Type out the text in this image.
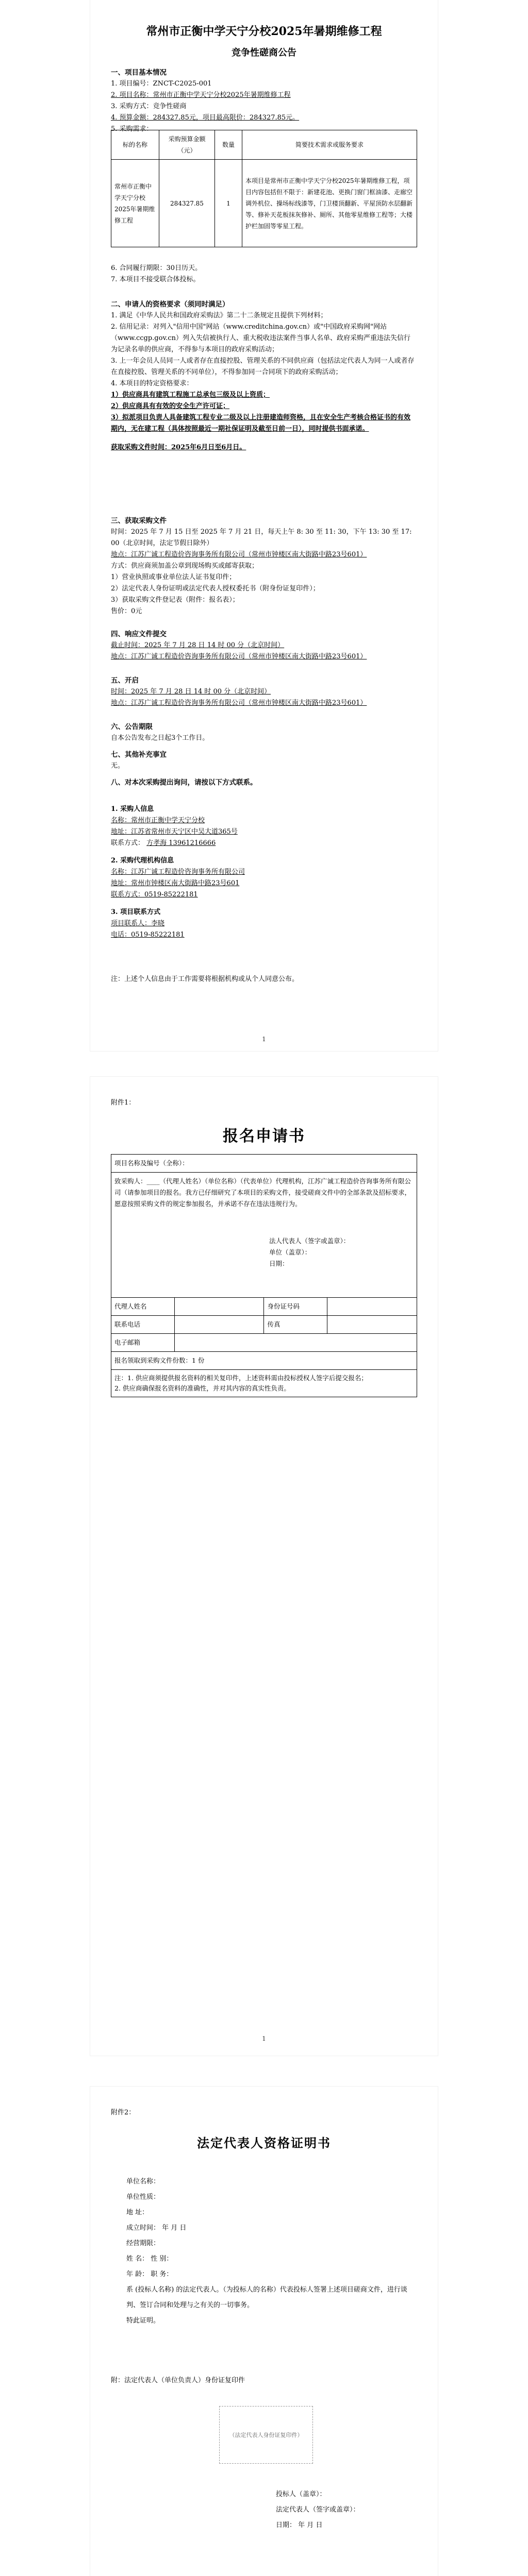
常州市正衡中学天宁分校2025年暑期维修工程
竞争性磋商公告
一、项目基本情况
1. 项目编号：ZNCT-C2025-001
2. 项目名称：常州市正衡中学天宁分校2025年暑期维修工程
3. 采购方式：竞争性磋商
4. 预算金额：284327.85元，项目最高限价：284327.85元。
5. 采购需求：
标的名称	采购预算金额（元）	数量	简要技术需求或服务要求
常州市正衡中学天宁分校2025年暑期维修工程	284327.85	1	本项目是常州市正衡中学天宁分校2025年暑期维修工程，项目内容包括但不限于：新建花池、更换门窗门框油漆、走廊空调外机位、操场标线漆等，门卫楼顶翻新、平屋顶防水层翻新等、修补天花板抹灰修补、厕所、其他零星维修工程等；大楼护栏加固等零星工程。
6. 合同履行期限：30日历天。
7. 本项目不接受联合体投标。
二、申请人的资格要求（须同时满足）
1. 满足《中华人民共和国政府采购法》第二十二条规定且提供下列材料；
2. 信用记录：对列入"信用中国"网站（www.creditchina.gov.cn）或"中国政府采购网"网站（www.ccgp.gov.cn）列入失信被执行人、重大税收违法案件当事人名单、政府采购严重违法失信行为记录名单的供应商，不得参与本项目的政府采购活动；
3. 上一年会员人员同一人或者存在直接控股、管理关系的不同供应商（包括法定代表人为同一人或者存在直接控股、管理关系的不同单位），不得参加同一合同项下的政府采购活动；
4. 本项目的特定资格要求：
1）供应商具有建筑工程施工总承包三级及以上资质；
2）供应商具有有效的安全生产许可证；
3）拟派项目负责人具备建筑工程专业二级及以上注册建造师资格，且在安全生产考核合格证书的有效期内，无在建工程（具体按照最近一期社保证明及截至日前一日），同时提供书面承诺。
获取采购文件时间：2025年6月日至6月日。
三、获取采购文件
时间：2025 年 7 月 15 日至 2025 年 7 月 21 日，每天上午 8: 30 至 11: 30，下午 13: 30 至 17: 00（北京时间，法定节假日除外）
地点：江苏广诚工程造价咨询事务所有限公司（常州市钟楼区南大街路中路23号601）
方式：供应商须加盖公章到现场购买或邮寄获取；
1）营业执照或事业单位法人证书复印件；
2）法定代表人身份证明或法定代表人授权委托书（附身份证复印件）；
3）获取采购文件登记表（附件：报名表）；
售价：0元
四、响应文件提交
截止时间：2025 年 7 月 28 日 14 时 00 分（北京时间）
地点：江苏广诚工程造价咨询事务所有限公司（常州市钟楼区南大街路中路23号601）
五、开启
时间：2025 年 7 月 28 日 14 时 00 分（北京时间）
地点：江苏广诚工程造价咨询事务所有限公司（常州市钟楼区南大街路中路23号601）
六、公告期限
自本公告发布之日起3个工作日。
七、其他补充事宜
无。
八、对本次采购提出询问，请按以下方式联系。
1. 采购人信息
名称：常州市正衡中学天宁分校
地址：江苏省常州市天宁区中吴大道365号
联系方式： 方孝海 13961216666
2. 采购代理机构信息
名称：江苏广诚工程造价咨询事务所有限公司
地址：常州市钟楼区南大街路中路23号601
联系方式：0519-85222181
3. 项目联系方式
项目联系人：李晓
电话：0519-85222181
注：上述个人信息由于工作需要将根据机构或从个人同意公布。
1
附件1：
报名申请书
项目名称及编号（全称）：			

致采购人：____（代理人姓名）（单位名称）（代表单位）代理机构，江苏广诚工程造价咨询事务所有限公司（请参加项目的报名。我方已仔细研究了本项目的采购文件，接受磋商文件中的全部条款及招标要求，愿意按照采购文件的规定参加报名，并承诺不存在违法违规行为。
法人代表人（签字或盖章）：
单位（盖章）：
日期：			

代理人姓名		身份证号码	
联系电话		传真	
电子邮箱			
报名领取到采购文件份数：1 份			

注：1. 供应商须提供报名资料的相关复印件，上述资料需由投标授权人签字后提交报名；
2. 供应商确保报名资料的准确性，并对其内容的真实性负责。			
1
附件2：
法定代表人资格证明书
单位名称：
单位性质：
地 址：
成立时间： 年 月 日
经营期限：
姓 名： 性 别：
年 龄： 职 务：
系 (投标人名称) 的法定代表人。（为投标人的名称）代表投标人签署上述项目磋商文件，进行谈判、签订合同和处理与之有关的一切事务。
特此证明。
附：法定代表人（单位负责人）身份证复印件
（法定代表人身份证复印件）
投标人（盖章）：
法定代表人（签字或盖章）：
日期： 年 月 日
